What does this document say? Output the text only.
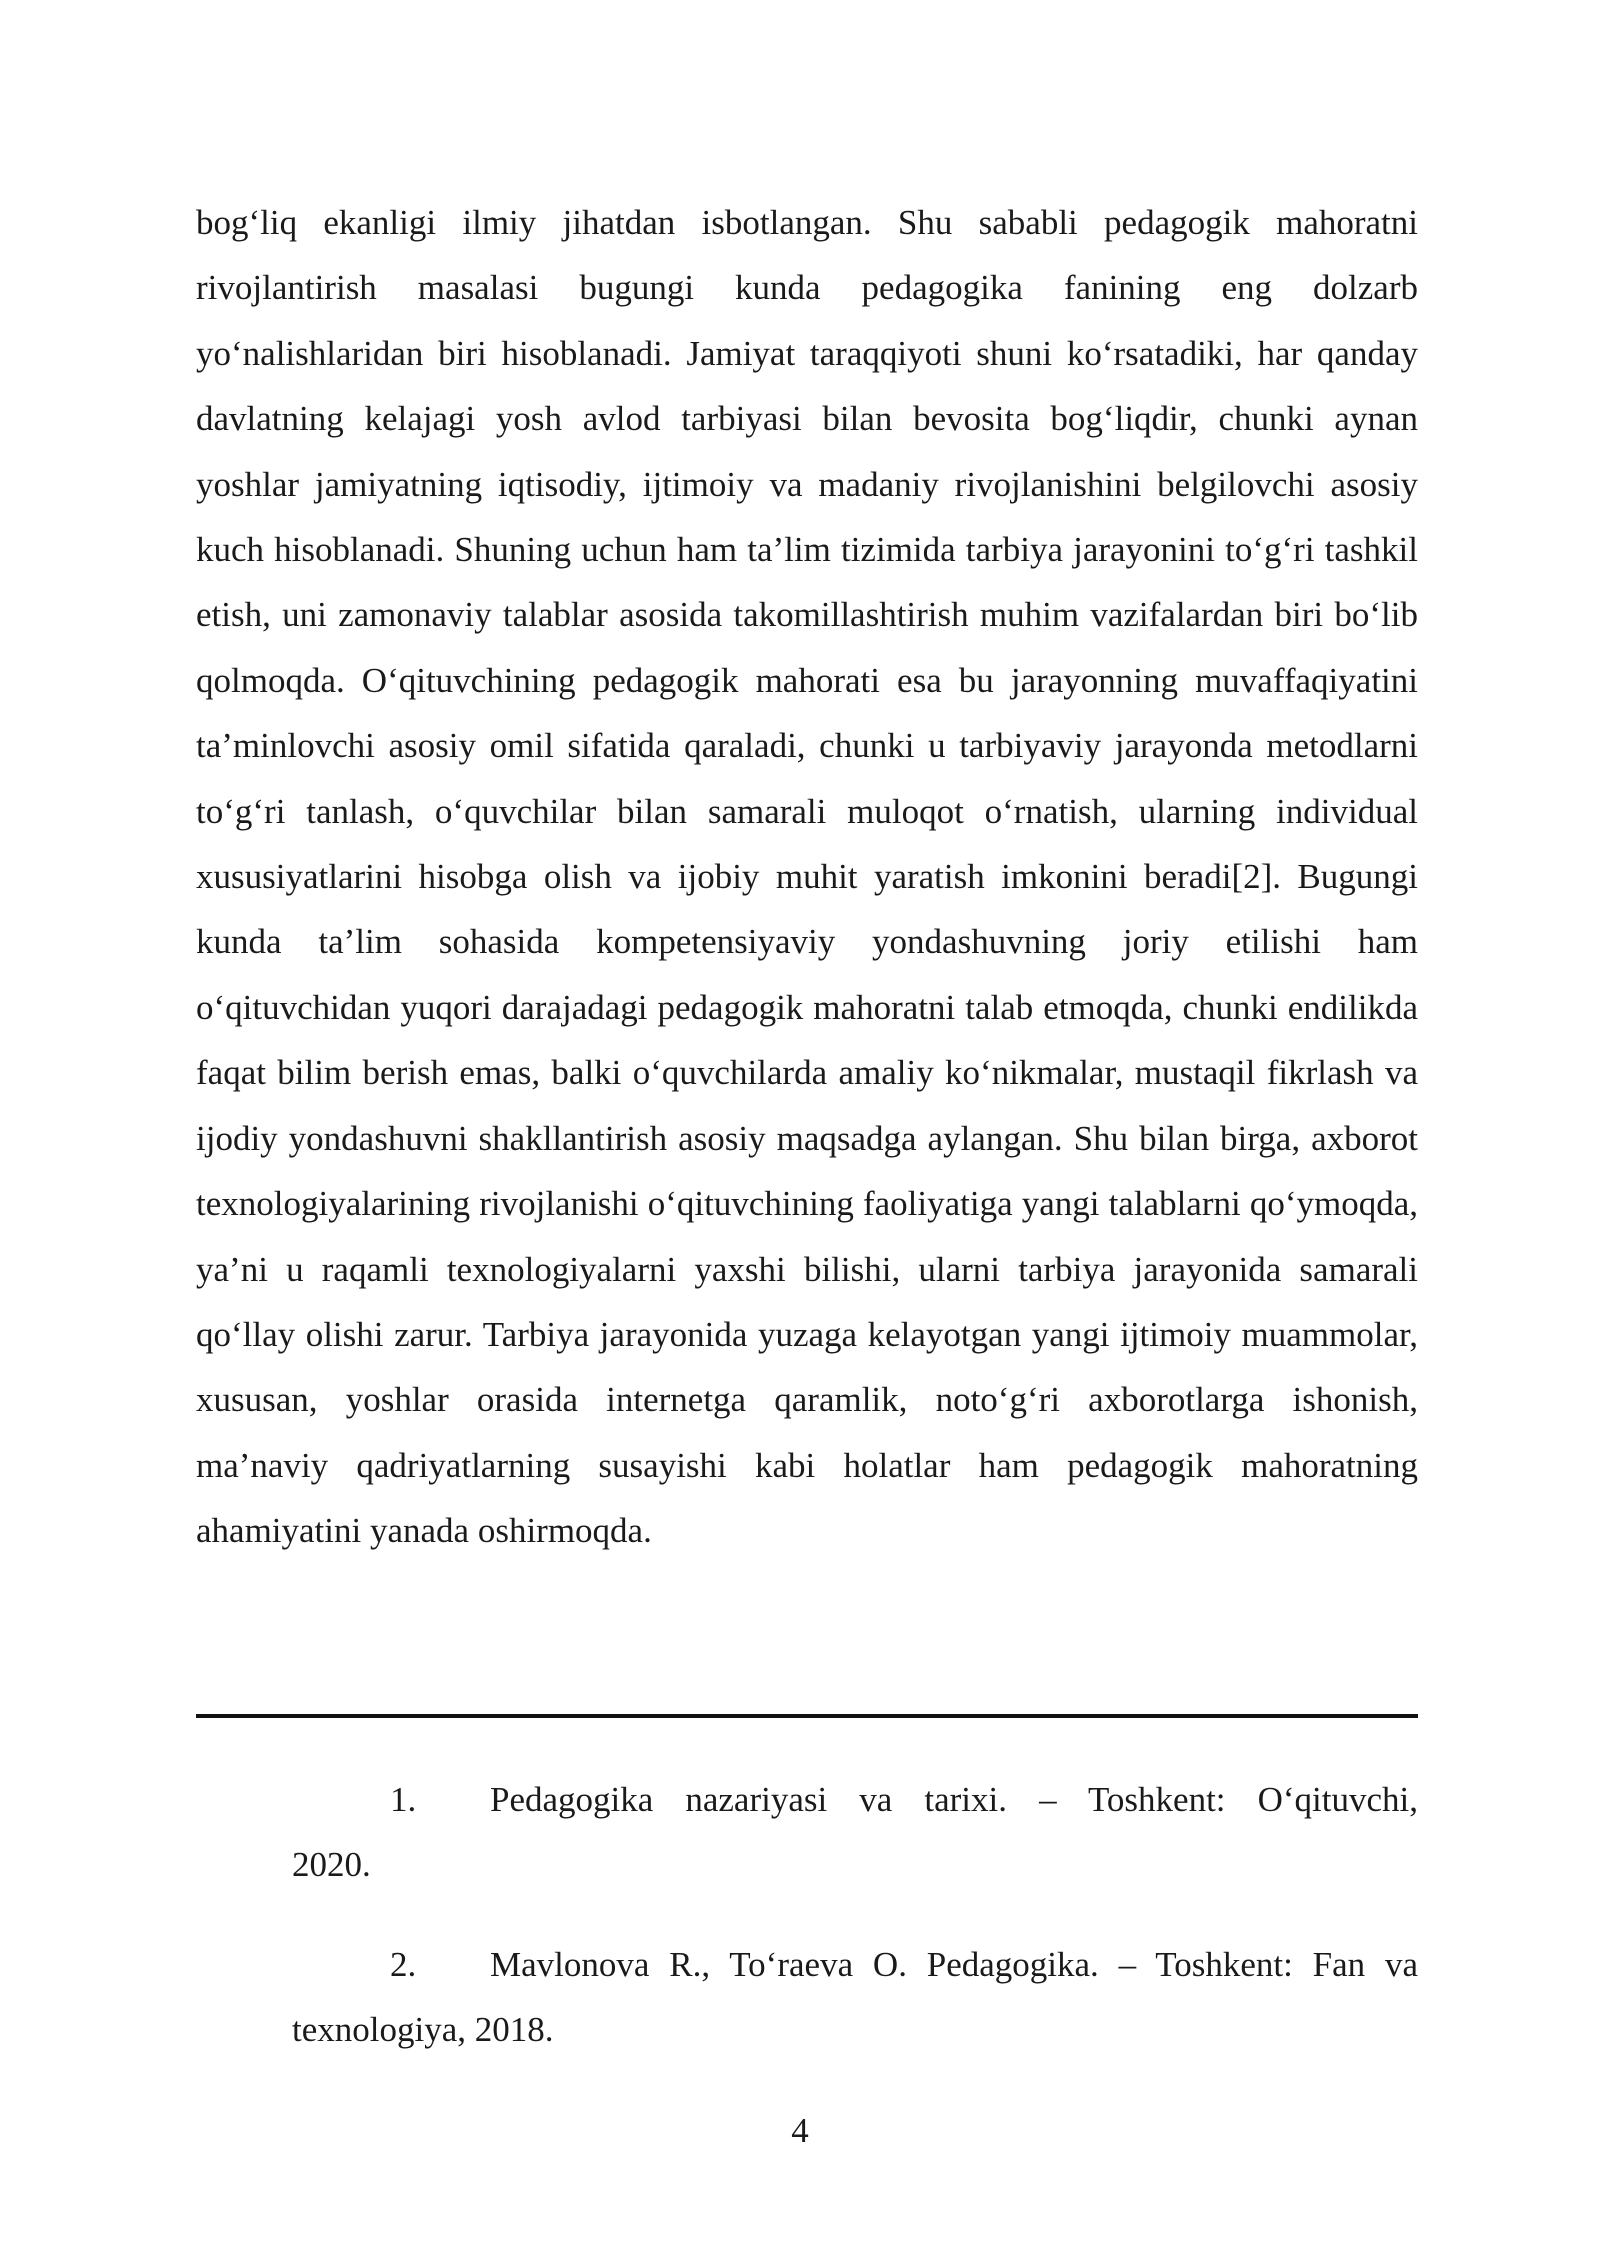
bog‘liq ekanligi ilmiy jihatdan isbotlangan. Shu sababli pedagogik mahoratni rivojlantirish masalasi bugungi kunda pedagogika fanining eng dolzarb yo‘nalishlaridan biri hisoblanadi. Jamiyat taraqqiyoti shuni ko‘rsatadiki, har qanday davlatning kelajagi yosh avlod tarbiyasi bilan bevosita bog‘liqdir, chunki aynan yoshlar jamiyatning iqtisodiy, ijtimoiy va madaniy rivojlanishini belgilovchi asosiy kuch hisoblanadi. Shuning uchun ham ta’lim tizimida tarbiya jarayonini to‘g‘ri tashkil etish, uni zamonaviy talablar asosida takomillashtirish muhim vazifalardan biri bo‘lib qolmoqda. O‘qituvchining pedagogik mahorati esa bu jarayonning muvaffaqiyatini ta’minlovchi asosiy omil sifatida qaraladi, chunki u tarbiyaviy jarayonda metodlarni to‘g‘ri tanlash, o‘quvchilar bilan samarali muloqot o‘rnatish, ularning individual xususiyatlarini hisobga olish va ijobiy muhit yaratish imkonini beradi[2]. Bugungi kunda ta’lim sohasida kompetensiyaviy yondashuvning joriy etilishi ham o‘qituvchidan yuqori darajadagi pedagogik mahoratni talab etmoqda, chunki endilikda faqat bilim berish emas, balki o‘quvchilarda amaliy ko‘nikmalar, mustaqil fikrlash va ijodiy yondashuvni shakllantirish asosiy maqsadga aylangan. Shu bilan birga, axborot texnologiyalarining rivojlanishi o‘qituvchining faoliyatiga yangi talablarni qo‘ymoqda, ya’ni u raqamli texnologiyalarni yaxshi bilishi, ularni tarbiya jarayonida samarali qo‘llay olishi zarur. Tarbiya jarayonida yuzaga kelayotgan yangi ijtimoiy muammolar, xususan, yoshlar orasida internetga qaramlik, noto‘g‘ri axborotlarga ishonish, ma’naviy qadriyatlarning susayishi kabi holatlar ham pedagogik mahoratning ahamiyatini yanada oshirmoqda.

1.	Pedagogika nazariyasi va tarixi. – Toshkent: O‘qituvchi,
2020.
2.	Mavlonova R., To‘raeva O. Pedagogika. – Toshkent: Fan va
texnologiya, 2018.
4
